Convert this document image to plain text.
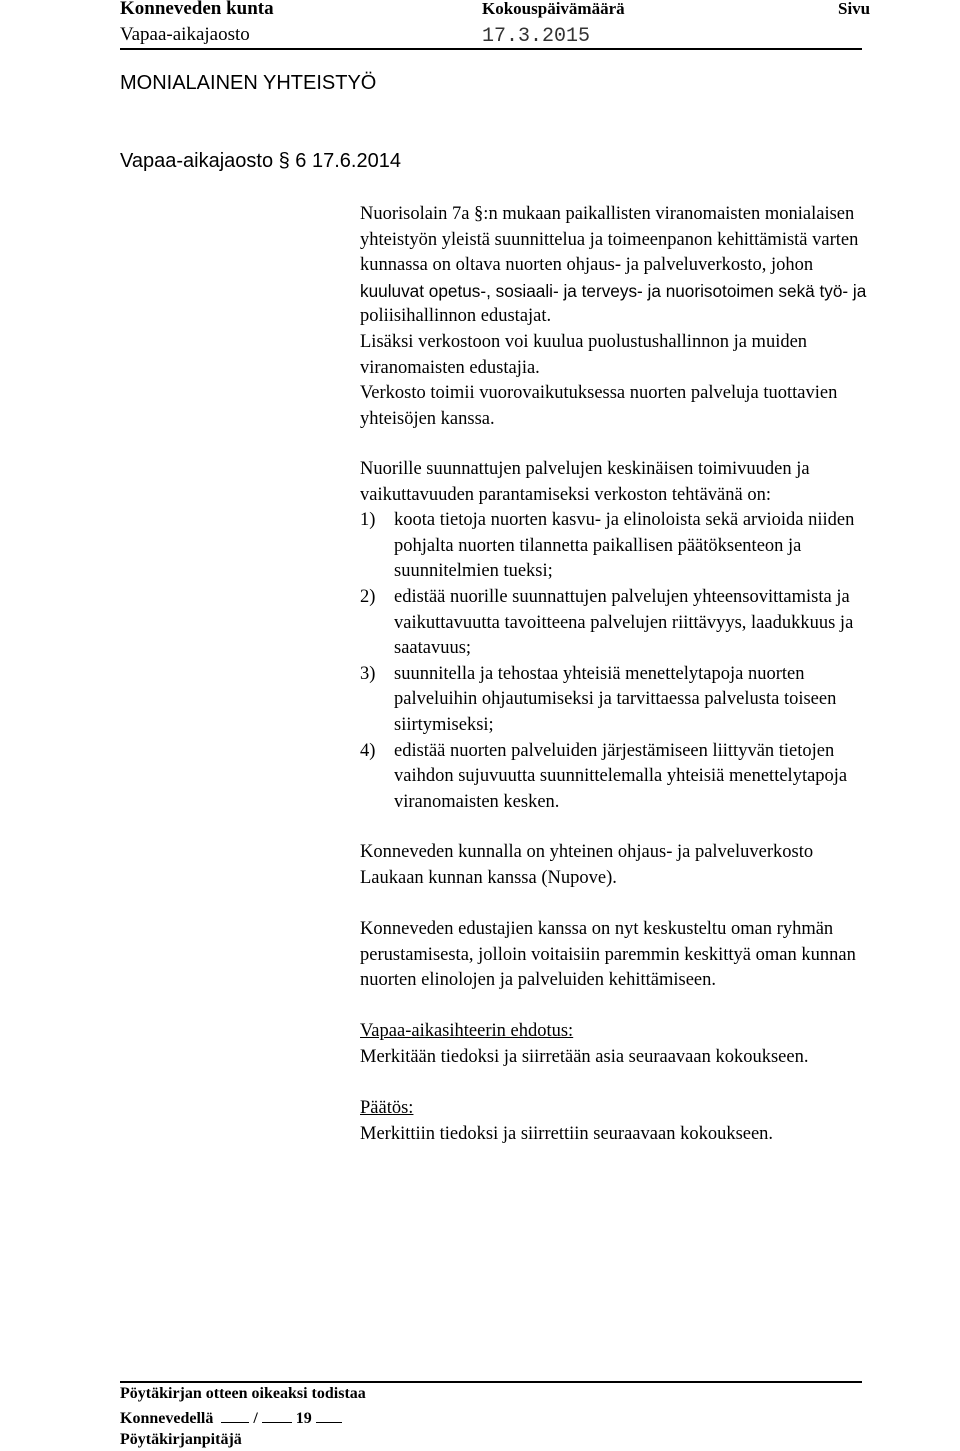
Konneveden kunta	Kokouspäivämäärä	Sivu
Vapaa-aikajaosto	17.3.2015
MONIALAINEN YHTEISTYÖ
Vapaa-aikajaosto § 6 17.6.2014
Nuorisolain 7a §:n mukaan paikallisten viranomaisten monialaisen
yhteistyön yleistä suunnittelua ja toimeenpanon kehittämistä varten
kunnassa on oltava nuorten ohjaus- ja palveluverkosto, johon
kuuluvat opetus-, sosiaali- ja terveys- ja nuorisotoimen sekä työ- ja
poliisihallinnon edustajat.
Lisäksi verkostoon voi kuulua puolustushallinnon ja muiden
viranomaisten edustajia.
Verkosto toimii vuorovaikutuksessa nuorten palveluja tuottavien
yhteisöjen kanssa.
Nuorille suunnattujen palvelujen keskinäisen toimivuuden ja
vaikuttavuuden parantamiseksi verkoston tehtävänä on:
1) koota tietoja nuorten kasvu- ja elinoloista sekä arvioida niiden
pohjalta nuorten tilannetta paikallisen päätöksenteon ja
suunnitelmien tueksi;
2) edistää nuorille suunnattujen palvelujen yhteensovittamista ja
vaikuttavuutta tavoitteena palvelujen riittävyys, laadukkuus ja
saatavuus;
3) suunnitella ja tehostaa yhteisiä menettelytapoja nuorten
palveluihin ohjautumiseksi ja tarvittaessa palvelusta toiseen
siirtymiseksi;
4) edistää nuorten palveluiden järjestämiseen liittyvän tietojen
vaihdon sujuvuutta suunnittelemalla yhteisiä menettelytapoja
viranomaisten kesken.
Konneveden kunnalla on yhteinen ohjaus- ja palveluverkosto
Laukaan kunnan kanssa (Nupove).
Konneveden edustajien kanssa on nyt keskusteltu oman ryhmän
perustamisesta, jolloin voitaisiin paremmin keskittyä oman kunnan
nuorten elinolojen ja palveluiden kehittämiseen.
Vapaa-aikasihteerin ehdotus:
Merkitään tiedoksi ja siirretään asia seuraavaan kokoukseen.
Päätös:
Merkittiin tiedoksi ja siirrettiin seuraavaan kokoukseen.
Pöytäkirjan otteen oikeaksi todistaa
Konnevedellä	/ 19
Pöytäkirjanpitäjä
